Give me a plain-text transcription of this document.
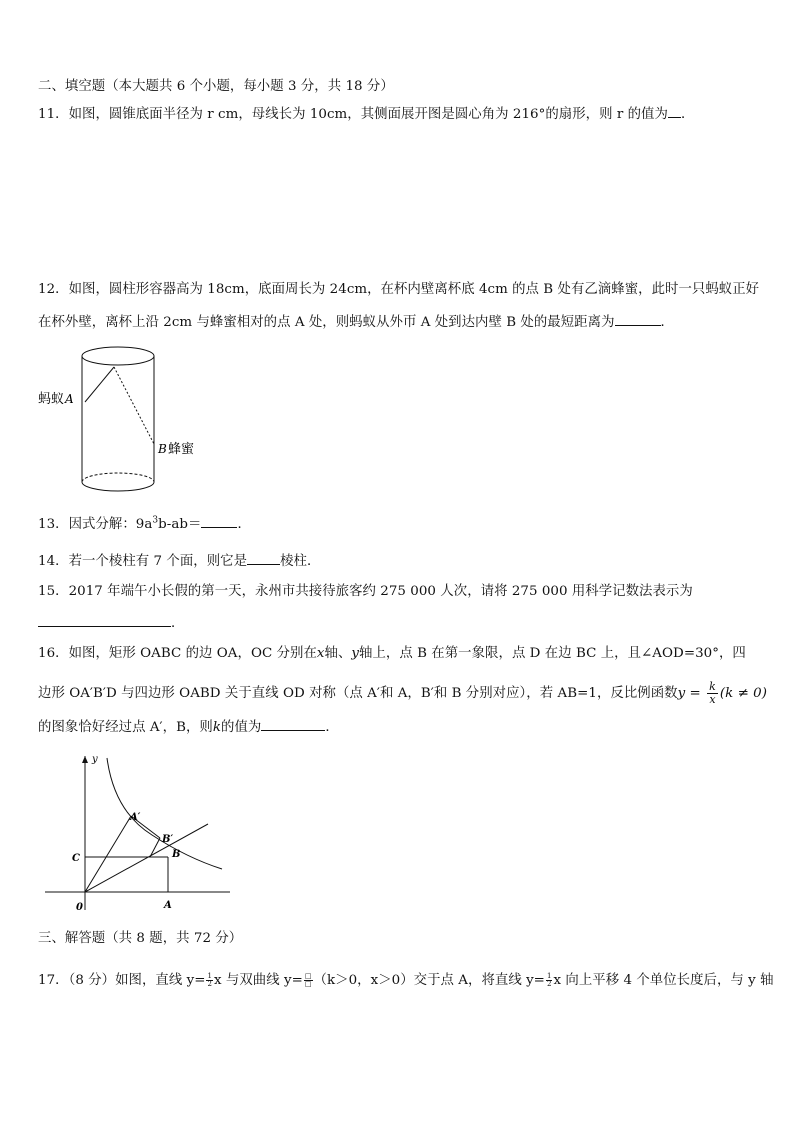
二、填空题（本大题共 6 个小题，每小题 3 分，共 18 分）
11．如图，圆锥底面半径为 r cm，母线长为 10cm，其侧面展开图是圆心角为 216°的扇形，则 r 的值为 ．
12．如图，圆柱形容器高为 18cm，底面周长为 24cm，在杯内壁离杯底 4cm 的点 B 处有乙滴蜂蜜，此时一只蚂蚁正好
在杯外壁，离杯上沿 2cm 与蜂蜜相对的点 A 处，则蚂蚁从外帀 A 处到达内壁 B 处的最短距离为	．
蚂蚁 A
B 蜂蜜
13．因式分解：$9a^3b-ab=$	．
14．若一个棱柱有 7 个面，则它是 棱柱．
15．2017 年端午小长假的第一天，永州市共接待旅客约 275 000 人次，请将 275 000 用科学记数法表示为
．
16．如图，矩形 OABC 的边 OA，OC 分别在x轴、y轴上，点 B 在第一象限，点 D 在边 BC 上，且∠AOD=30°，四
边形 OA′B′D 与四边形 OABD 关于直线 OD 对称（点 A′和 A，B′和 B 分别对应），若 AB=1，反比例函数$y = \frac{k}{x} (k \ne 0)$
的图象恰好经过点 A′，B，则k的值为	．
y
0	A
B
C
A′
B′
三、解答题（共 8 题，共 72 分）
17．（8 分）如图，直线 $y= \frac{1}{2}$ x 与双曲线 $y= \frac{□}{□} (k>0$，x＞0）交于点 A，将直线 $y= \frac{1}{2}$ x 向上平移 4 个单位长度后，与 y 轴
